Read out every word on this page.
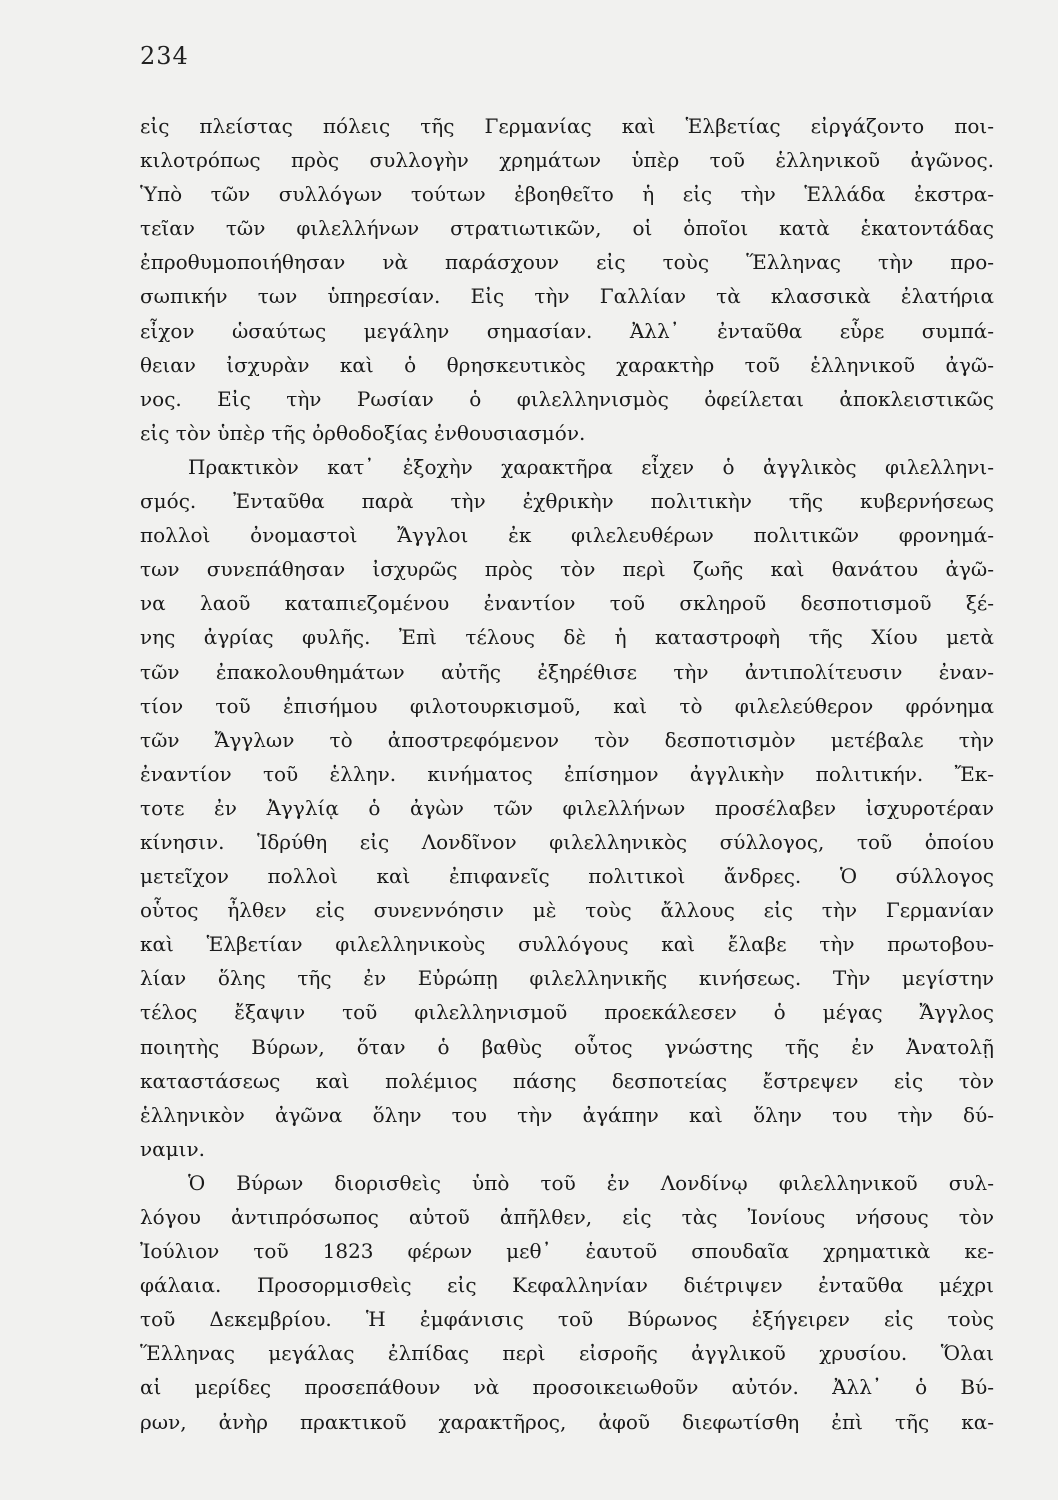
234
εἰς πλείστας πόλεις τῆς Γερμανίας καὶ Ἑλβετίας εἰργάζοντο ποι-
κιλοτρόπως πρὸς συλλογὴν χρημάτων ὑπὲρ τοῦ ἑλληνικοῦ ἀγῶνος.
Ὑπὸ τῶν συλλόγων τούτων ἐβοηθεῖτο ἡ εἰς τὴν Ἑλλάδα ἐκστρα-
τεῖαν τῶν φιλελλήνων στρατιωτικῶν, οἱ ὁποῖοι κατὰ ἑκατοντάδας
ἐπροθυμοποιήθησαν νὰ παράσχουν εἰς τοὺς Ἕλληνας τὴν προ-
σωπικήν των ὑπηρεσίαν. Εἰς τὴν Γαλλίαν τὰ κλασσικὰ ἐλατήρια
εἶχον ὡσαύτως μεγάλην σημασίαν. Ἀλλ᾽ ἐνταῦθα εὗρε συμπά-
θειαν ἰσχυρὰν καὶ ὁ θρησκευτικὸς χαρακτὴρ τοῦ ἑλληνικοῦ ἀγῶ-
νος. Εἰς τὴν Ρωσίαν ὁ φιλελληνισμὸς ὀφείλεται ἀποκλειστικῶς
εἰς τὸν ὑπὲρ τῆς ὀρθοδοξίας ἐνθουσιασμόν.
Πρακτικὸν κατ᾽ ἐξοχὴν χαρακτῆρα εἶχεν ὁ ἀγγλικὸς φιλελληνι-
σμός. Ἐνταῦθα παρὰ τὴν ἐχθρικὴν πολιτικὴν τῆς κυβερνήσεως
πολλοὶ ὀνομαστοὶ Ἄγγλοι ἐκ φιλελευθέρων πολιτικῶν φρονημά-
των συνεπάθησαν ἰσχυρῶς πρὸς τὸν περὶ ζωῆς καὶ θανάτου ἀγῶ-
να λαοῦ καταπιεζομένου ἐναντίον τοῦ σκληροῦ δεσποτισμοῦ ξέ-
νης ἀγρίας φυλῆς. Ἐπὶ τέλους δὲ ἡ καταστροφὴ τῆς Χίου μετὰ
τῶν ἐπακολουθημάτων αὐτῆς ἐξηρέθισε τὴν ἀντιπολίτευσιν ἐναν-
τίον τοῦ ἐπισήμου φιλοτουρκισμοῦ, καὶ τὸ φιλελεύθερον φρόνημα
τῶν Ἄγγλων τὸ ἀποστρεφόμενον τὸν δεσποτισμὸν μετέβαλε τὴν
ἐναντίον τοῦ ἑλλην. κινήματος ἐπίσημον ἀγγλικὴν πολιτικήν. Ἔκ-
τοτε ἐν Ἀγγλίᾳ ὁ ἀγὼν τῶν φιλελλήνων προσέλαβεν ἰσχυροτέραν
κίνησιν. Ἱδρύθη εἰς Λονδῖνον φιλελληνικὸς σύλλογος, τοῦ ὁποίου
μετεῖχον πολλοὶ καὶ ἐπιφανεῖς πολιτικοὶ ἄνδρες. Ὁ σύλλογος
οὗτος ἦλθεν εἰς συνεννόησιν μὲ τοὺς ἄλλους εἰς τὴν Γερμανίαν
καὶ Ἑλβετίαν φιλελληνικοὺς συλλόγους καὶ ἔλαβε τὴν πρωτοβου-
λίαν ὅλης τῆς ἐν Εὐρώπῃ φιλελληνικῆς κινήσεως. Τὴν μεγίστην
τέλος ἔξαψιν τοῦ φιλελληνισμοῦ προεκάλεσεν ὁ μέγας Ἄγγλος
ποιητὴς Βύρων, ὅταν ὁ βαθὺς οὗτος γνώστης τῆς ἐν Ἀνατολῇ
καταστάσεως καὶ πολέμιος πάσης δεσποτείας ἔστρεψεν εἰς τὸν
ἑλληνικὸν ἀγῶνα ὅλην του τὴν ἀγάπην καὶ ὅλην του τὴν δύ-
ναμιν.
Ὁ Βύρων διορισθεὶς ὑπὸ τοῦ ἐν Λονδίνῳ φιλελληνικοῦ συλ-
λόγου ἀντιπρόσωπος αὐτοῦ ἀπῆλθεν, εἰς τὰς Ἰονίους νήσους τὸν
Ἰούλιον τοῦ 1823 φέρων μεθ᾽ ἑαυτοῦ σπουδαῖα χρηματικὰ κε-
φάλαια. Προσορμισθεὶς εἰς Κεφαλληνίαν διέτριψεν ἐνταῦθα μέχρι
τοῦ Δεκεμβρίου. Ἡ ἐμφάνισις τοῦ Βύρωνος ἐξήγειρεν εἰς τοὺς
Ἕλληνας μεγάλας ἐλπίδας περὶ εἰσροῆς ἀγγλικοῦ χρυσίου. Ὅλαι
αἱ μερίδες προσεπάθουν νὰ προσοικειωθοῦν αὐτόν. Ἀλλ᾽ ὁ Βύ-
ρων, ἀνὴρ πρακτικοῦ χαρακτῆρος, ἀφοῦ διεφωτίσθη ἐπὶ τῆς κα-
